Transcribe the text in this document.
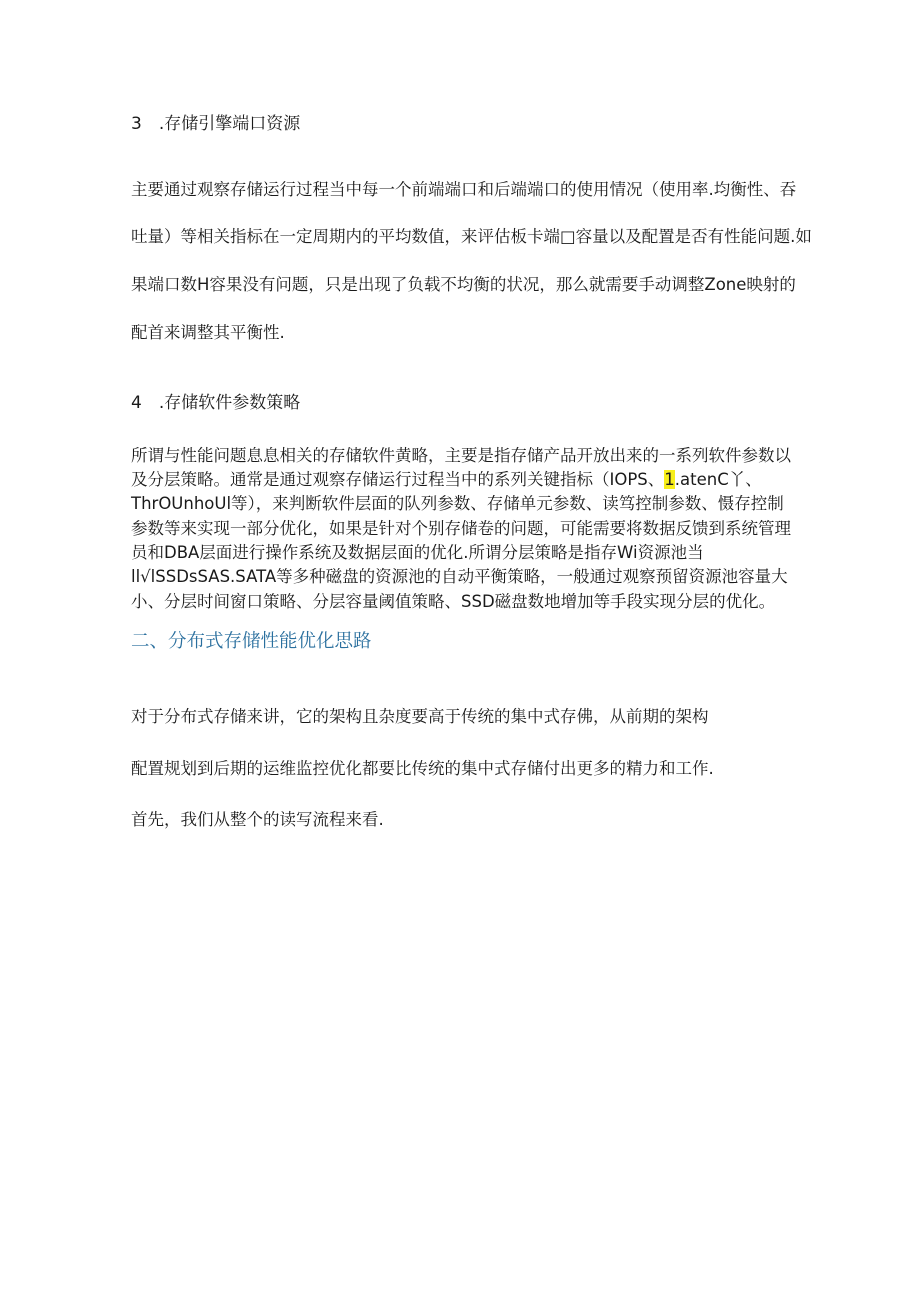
3　.存储引擎端口资源
主要通过观察存储运行过程当中每一个前端端口和后端端口的使用情况（使用率.均衡性、吞
吐量）等相关指标在一定周期内的平均数值，来评估板卡端□容量以及配置是否有性能问题.如
果端口数H容果没有问题，只是出现了负载不均衡的状况，那么就需要手动调整Zone映射的
配首来调整其平衡性.
4　.存储软件参数策略
所谓与性能问题息息相关的存储软件黄略，主要是指存储产品开放出来的一系列软件参数以
及分层策略。通常是通过观察存储运行过程当中的系列关键指标（IOPS、1.atenC丫、
ThrOUnhoUl等），来判断软件层面的队列参数、存储单元参数、读笃控制参数、慑存控制
参数等来实现一部分优化，如果是针对个别存储卷的问题，可能需要将数据反馈到系统管理
员和DBA层面进行操作系统及数据层面的优化.所谓分层策略是指存Wi资源池当
ll√lSSDsSAS.SATA等多种磁盘的资源池的自动平衡策略，一般通过观察预留资源池容量大
小、分层时间窗口策略、分层容量阈值策略、SSD磁盘数地增加等手段实现分层的优化。
二、分布式存储性能优化思路
对于分布式存储来讲，它的架构且杂度要高于传统的集中式存佛，从前期的架构
配置规划到后期的运维监控优化都要比传统的集中式存储付出更多的精力和工作.
首先，我们从整个的读写流程来看.
